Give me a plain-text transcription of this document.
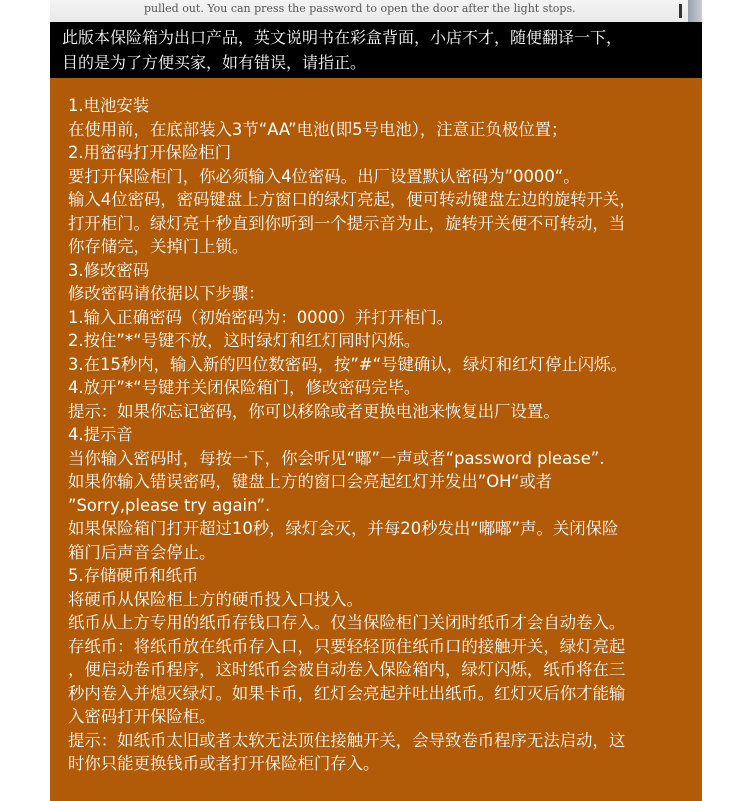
pulled out. You can press the password to open the door after the light stops.
此版本保险箱为出口产品，英文说明书在彩盒背面，小店不才，随便翻译一下，
目的是为了方便买家，如有错误，请指正。
1.电池安装
在使用前，在底部装入3节“AA”电池(即5号电池），注意正负极位置；
2.用密码打开保险柜门
要打开保险柜门，你必须输入4位密码。出厂设置默认密码为”0000“。
输入4位密码，密码键盘上方窗口的绿灯亮起，便可转动键盘左边的旋转开关，
打开柜门。绿灯亮十秒直到你听到一个提示音为止，旋转开关便不可转动，当
你存储完，关掉门上锁。
3.修改密码
修改密码请依据以下步骤：
1.输入正确密码（初始密码为：0000）并打开柜门。
2.按住”*“号键不放，这时绿灯和红灯同时闪烁。
3.在15秒内，输入新的四位数密码，按”#“号键确认，绿灯和红灯停止闪烁。
4.放开”*“号键并关闭保险箱门，修改密码完毕。
提示：如果你忘记密码，你可以移除或者更换电池来恢复出厂设置。
4.提示音
当你输入密码时，每按一下，你会听见“嘟”一声或者“password please”.
如果你输入错误密码，键盘上方的窗口会亮起红灯并发出”OH“或者
”Sorry,please try again”.
如果保险箱门打开超过10秒，绿灯会灭，并每20秒发出“嘟嘟”声。关闭保险
箱门后声音会停止。
5.存储硬币和纸币
将硬币从保险柜上方的硬币投入口投入。
纸币从上方专用的纸币存钱口存入。仅当保险柜门关闭时纸币才会自动卷入。
存纸币：将纸币放在纸币存入口，只要轻轻顶住纸币口的接触开关，绿灯亮起
，便启动卷币程序，这时纸币会被自动卷入保险箱内，绿灯闪烁，纸币将在三
秒内卷入并熄灭绿灯。如果卡币，红灯会亮起并吐出纸币。红灯灭后你才能输
入密码打开保险柜。
提示：如纸币太旧或者太软无法顶住接触开关，会导致卷币程序无法启动，这
时你只能更换钱币或者打开保险柜门存入。
